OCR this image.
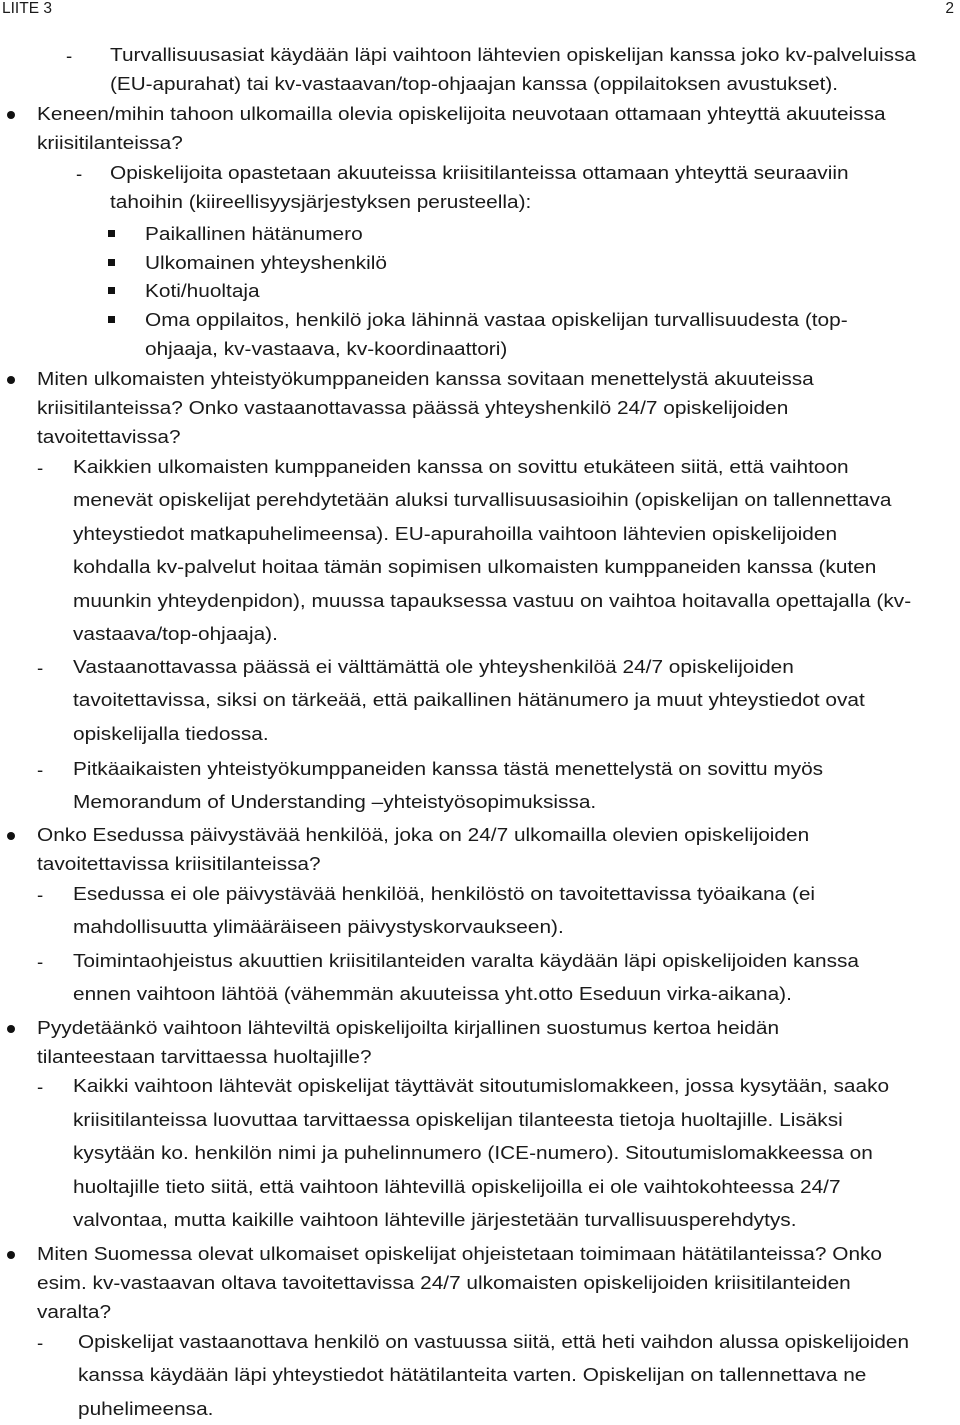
LIITE 3	2
- Turvallisuusasiat käydään läpi vaihtoon lähtevien opiskelijan kanssa joko kv-palveluissa
(EU-apurahat) tai kv-vastaavan/top-ohjaajan kanssa (oppilaitoksen avustukset).
Keneen/mihin tahoon ulkomailla olevia opiskelijoita neuvotaan ottamaan yhteyttä akuuteissa
kriisitilanteissa?
- Opiskelijoita opastetaan akuuteissa kriisitilanteissa ottamaan yhteyttä seuraaviin
tahoihin (kiireellisyysjärjestyksen perusteella):
Paikallinen hätänumero
Ulkomainen yhteyshenkilö
Koti/huoltaja
Oma oppilaitos, henkilö joka lähinnä vastaa opiskelijan turvallisuudesta (top-
ohjaaja, kv-vastaava, kv-koordinaattori)
Miten ulkomaisten yhteistyökumppaneiden kanssa sovitaan menettelystä akuuteissa
kriisitilanteissa? Onko vastaanottavassa päässä yhteyshenkilö 24/7 opiskelijoiden
tavoitettavissa?
- Kaikkien ulkomaisten kumppaneiden kanssa on sovittu etukäteen siitä, että vaihtoon
menevät opiskelijat perehdytetään aluksi turvallisuusasioihin (opiskelijan on tallennettava
yhteystiedot matkapuhelimeensa). EU-apurahoilla vaihtoon lähtevien opiskelijoiden
kohdalla kv-palvelut hoitaa tämän sopimisen ulkomaisten kumppaneiden kanssa (kuten
muunkin yhteydenpidon), muussa tapauksessa vastuu on vaihtoa hoitavalla opettajalla (kv-
vastaava/top-ohjaaja).
- Vastaanottavassa päässä ei välttämättä ole yhteyshenkilöä 24/7 opiskelijoiden
tavoitettavissa, siksi on tärkeää, että paikallinen hätänumero ja muut yhteystiedot ovat
opiskelijalla tiedossa.
- Pitkäaikaisten yhteistyökumppaneiden kanssa tästä menettelystä on sovittu myös
Memorandum of Understanding –yhteistyösopimuksissa.
Onko Esedussa päivystävää henkilöä, joka on 24/7 ulkomailla olevien opiskelijoiden
tavoitettavissa kriisitilanteissa?
- Esedussa ei ole päivystävää henkilöä, henkilöstö on tavoitettavissa työaikana (ei
mahdollisuutta ylimääräiseen päivystyskorvaukseen).
- Toimintaohjeistus akuuttien kriisitilanteiden varalta käydään läpi opiskelijoiden kanssa
ennen vaihtoon lähtöä (vähemmän akuuteissa yht.otto Eseduun virka-aikana).
Pyydetäänkö vaihtoon lähteviltä opiskelijoilta kirjallinen suostumus kertoa heidän
tilanteestaan tarvittaessa huoltajille?
- Kaikki vaihtoon lähtevät opiskelijat täyttävät sitoutumislomakkeen, jossa kysytään, saako
kriisitilanteissa luovuttaa tarvittaessa opiskelijan tilanteesta tietoja huoltajille. Lisäksi
kysytään ko. henkilön nimi ja puhelinnumero (ICE-numero). Sitoutumislomakkeessa on
huoltajille tieto siitä, että vaihtoon lähtevillä opiskelijoilla ei ole vaihtokohteessa 24/7
valvontaa, mutta kaikille vaihtoon lähteville järjestetään turvallisuusperehdytys.
Miten Suomessa olevat ulkomaiset opiskelijat ohjeistetaan toimimaan hätätilanteissa? Onko
esim. kv-vastaavan oltava tavoitettavissa 24/7 ulkomaisten opiskelijoiden kriisitilanteiden
varalta?
- Opiskelijat vastaanottava henkilö on vastuussa siitä, että heti vaihdon alussa opiskelijoiden
kanssa käydään läpi yhteystiedot hätätilanteita varten. Opiskelijan on tallennettava ne
puhelimeensa.
